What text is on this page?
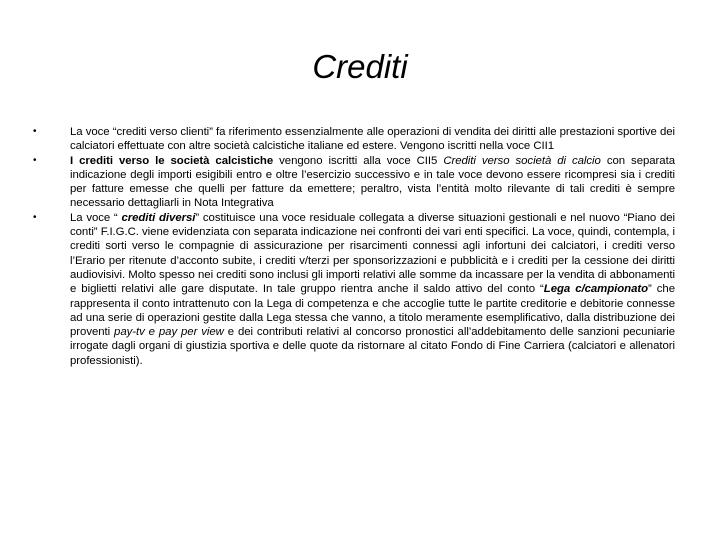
Crediti
•	La voce “crediti verso clienti” fa riferimento essenzialmente alle operazioni di vendita dei diritti alle prestazioni sportive dei calciatori effettuate con altre società calcistiche italiane ed estere. Vengono iscritti nella voce CII1
•	I crediti verso le società calcistiche vengono iscritti alla voce CII5 Crediti verso società di calcio con separata indicazione degli importi esigibili entro e oltre l’esercizio successivo e in tale voce devono essere ricompresi sia i crediti per fatture emesse che quelli per fatture da emettere; peraltro, vista l’entità molto rilevante di tali crediti è sempre necessario dettagliarli in Nota Integrativa
•	La voce “ crediti diversi” costituisce una voce residuale collegata a diverse situazioni gestionali e nel nuovo “Piano dei conti” F.I.G.C. viene evidenziata con separata indicazione nei confronti dei vari enti specifici. La voce, quindi, contempla, i crediti sorti verso le compagnie di assicurazione per risarcimenti connessi agli infortuni dei calciatori, i crediti verso l’Erario per ritenute d’acconto subite, i crediti v/terzi per sponsorizzazioni e pubblicità e i crediti per la cessione dei diritti audiovisivi. Molto spesso nei crediti sono inclusi gli importi relativi alle somme da incassare per la vendita di abbonamenti e biglietti relativi alle gare disputate. In tale gruppo rientra anche il saldo attivo del conto “Lega c/campionato” che rappresenta il conto intrattenuto con la Lega di competenza e che accoglie tutte le partite creditorie e debitorie connesse ad una serie di operazioni gestite dalla Lega stessa che vanno, a titolo meramente esemplificativo, dalla distribuzione dei proventi pay-tv e pay per view e dei contributi relativi al concorso pronostici all’addebitamento delle sanzioni pecuniarie irrogate dagli organi di giustizia sportiva e delle quote da ristornare al citato Fondo di Fine Carriera (calciatori e allenatori professionisti).
